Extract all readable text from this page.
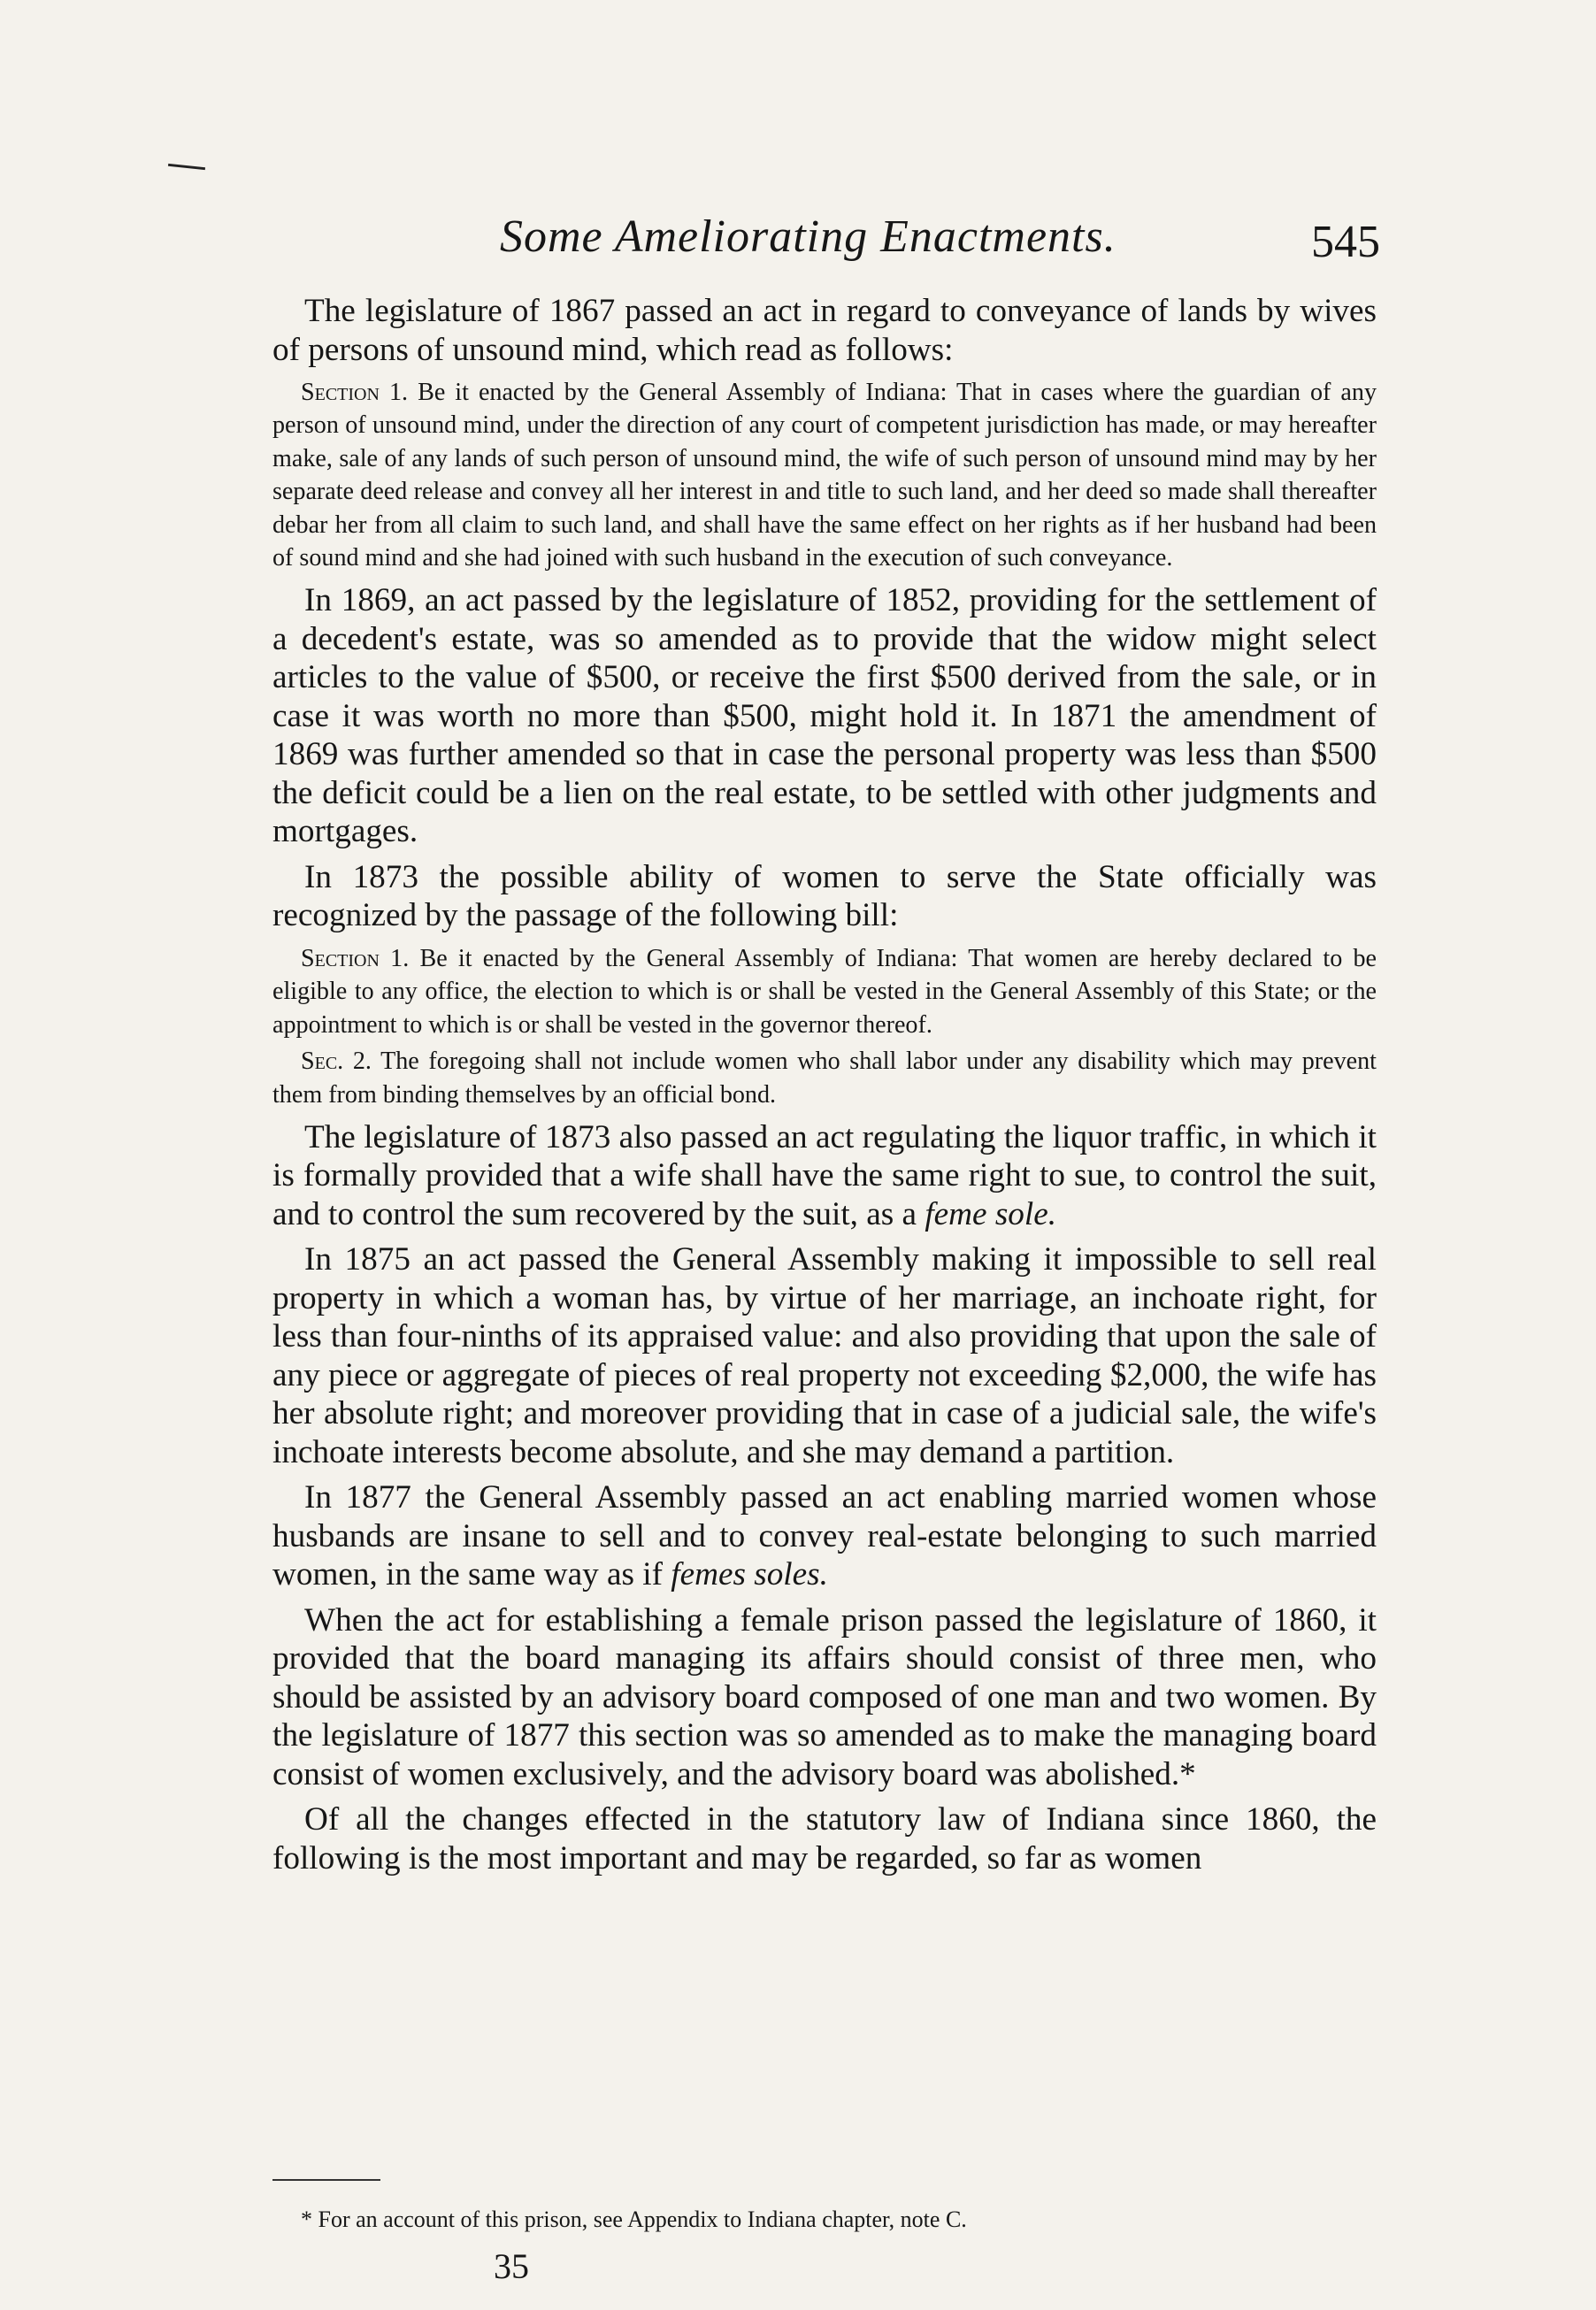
Some Ameliorating Enactments.	545

The legislature of 1867 passed an act in regard to conveyance of lands by wives of persons of unsound mind, which read as follows:

Section 1. Be it enacted by the General Assembly of Indiana: That in cases where the guardian of any person of unsound mind, under the direction of any court of competent jurisdiction has made, or may hereafter make, sale of any lands of such person of unsound mind, the wife of such person of unsound mind may by her separate deed release and convey all her interest in and title to such land, and her deed so made shall thereafter debar her from all claim to such land, and shall have the same effect on her rights as if her husband had been of sound mind and she had joined with such husband in the execution of such conveyance.

In 1869, an act passed by the legislature of 1852, providing for the settlement of a decedent's estate, was so amended as to provide that the widow might select articles to the value of $500, or receive the first $500 derived from the sale, or in case it was worth no more than $500, might hold it. In 1871 the amendment of 1869 was further amended so that in case the personal property was less than $500 the deficit could be a lien on the real estate, to be settled with other judgments and mortgages.

In 1873 the possible ability of women to serve the State officially was recognized by the passage of the following bill:

Section 1. Be it enacted by the General Assembly of Indiana: That women are hereby declared to be eligible to any office, the election to which is or shall be vested in the General Assembly of this State; or the appointment to which is or shall be vested in the governor thereof.

Sec. 2. The foregoing shall not include women who shall labor under any disability which may prevent them from binding themselves by an official bond.

The legislature of 1873 also passed an act regulating the liquor traffic, in which it is formally provided that a wife shall have the same right to sue, to control the suit, and to control the sum recovered by the suit, as a feme sole.

In 1875 an act passed the General Assembly making it impossible to sell real property in which a woman has, by virtue of her marriage, an inchoate right, for less than four-ninths of its appraised value: and also providing that upon the sale of any piece or aggregate of pieces of real property not exceeding $2,000, the wife has her absolute right; and moreover providing that in case of a judicial sale, the wife's inchoate interests become absolute, and she may demand a partition.

In 1877 the General Assembly passed an act enabling married women whose husbands are insane to sell and to convey real-estate belonging to such married women, in the same way as if femes soles.

When the act for establishing a female prison passed the legislature of 1860, it provided that the board managing its affairs should consist of three men, who should be assisted by an advisory board composed of one man and two women. By the legislature of 1877 this section was so amended as to make the managing board consist of women exclusively, and the advisory board was abolished.*

Of all the changes effected in the statutory law of Indiana since 1860, the following is the most important and may be regarded, so far as women

* For an account of this prison, see Appendix to Indiana chapter, note C.
35
